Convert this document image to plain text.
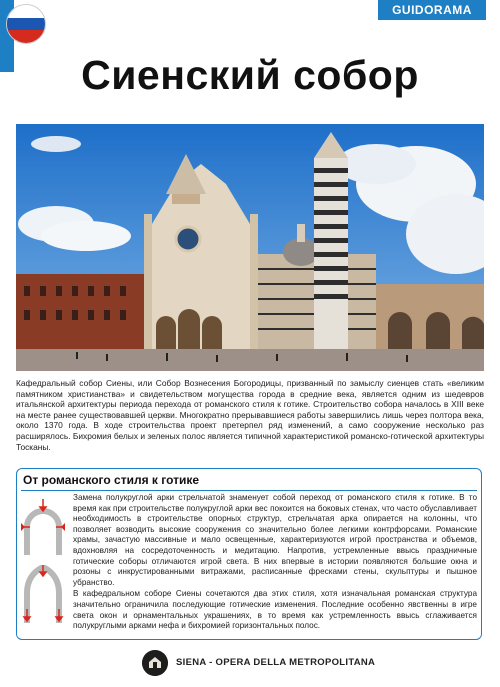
GUIDORAMA
Сиенский собор
Кафедральный собор Сиены, или Собор Вознесения Богородицы, призванный по замыслу сиенцев стать «великим памятником христианства» и свидетельством могущества города в средние века, является одним из шедевров итальянской архитектуры периода перехода от романского стиля к готике. Строительство собора началось в XIII веке на месте ранее существовавшей церкви. Многократно прерывавшиеся работы завершились лишь через полтора века, около 1370 года. В ходе строительства проект претерпел ряд изменений, а само сооружение несколько раз расширялось. Бихромия белых и зеленых полос является типичной характеристикой романско-готической архитектуры Тосканы.
От романского стиля к готике

Замена полукруглой арки стрельчатой знаменует собой переход от романского стиля к готике. В то время как при строительстве полукруглой арки вес покоится на боковых стенах, что часто обуславливает необходимость в строительстве опорных структур, стрельчатая арка опирается на колонны, что позволяет возводить высокие сооружения со значительно более легкими контрфорсами. Романские храмы, зачастую массивные и мало освещенные, характеризуются игрой пространства и объемов, вдохновляя на сосредоточенность и медитацию. Напротив, устремленные ввысь праздничные готические соборы отличаются игрой света. В них впервые в истории появляются большие окна и розоны с инкрустированными витражами, расписанные фресками стены, скульптуры и пышное убранство.

В кафедральном соборе Сиены сочетаются два этих стиля, хотя изначальная романская структура значительно ограничила последующие готические изменения. Последние особенно явственны в игре света окон и орнаментальных украшениях, в то время как устремленность ввысь сглаживается полукруглыми арками нефа и бихромией горизонтальных полос.

SIENA - OPERA DELLA METROPOLITANA
